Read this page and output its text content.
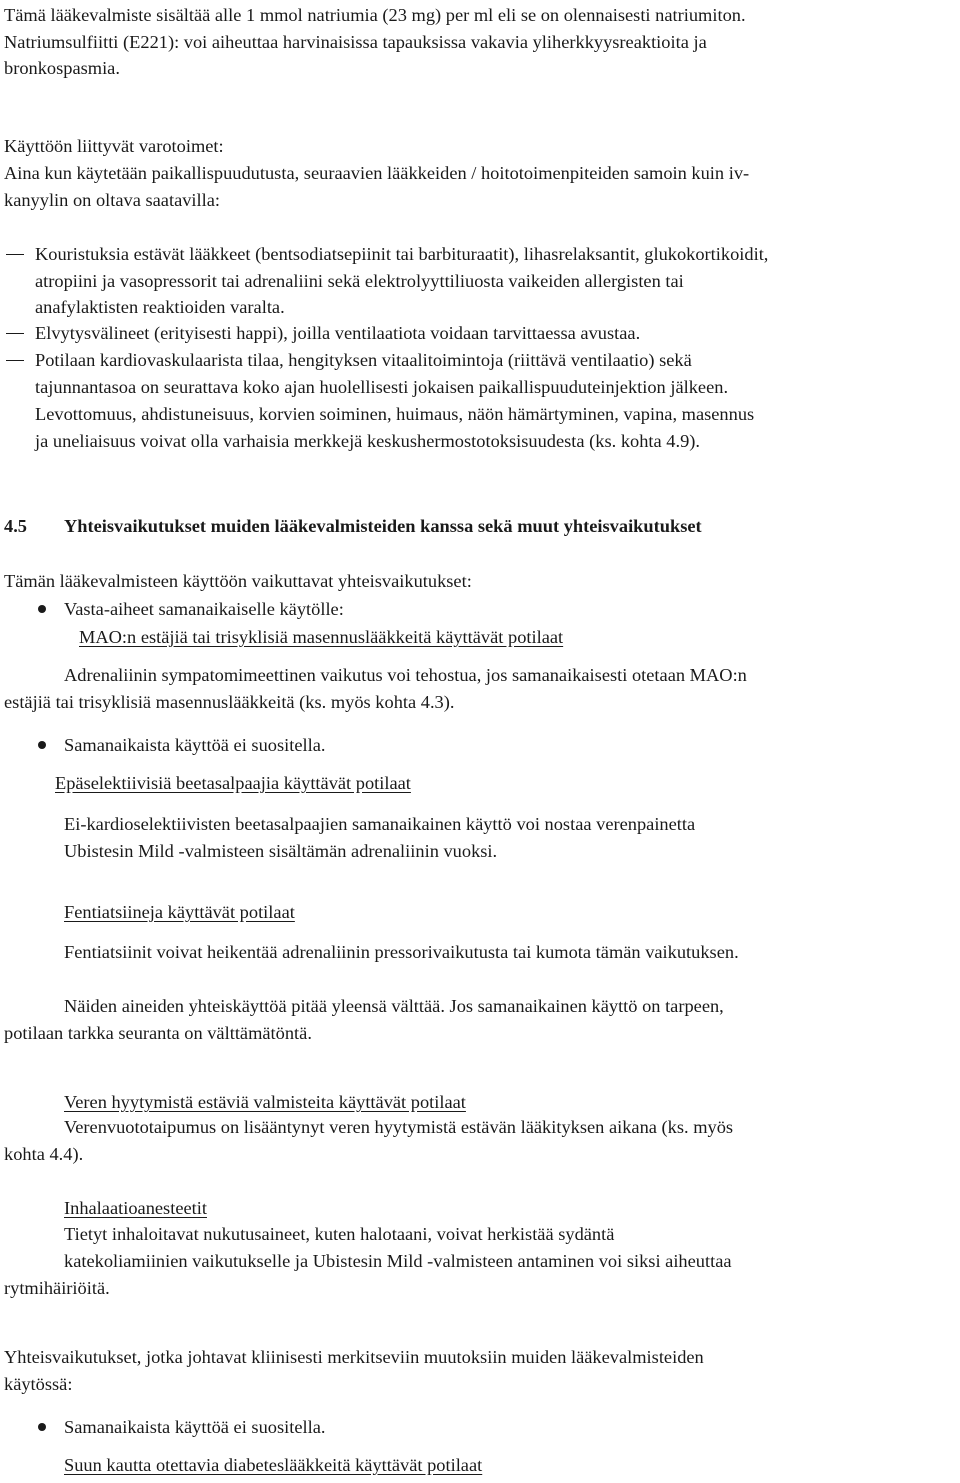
Tämä lääkevalmiste sisältää alle 1 mmol natriumia (23 mg) per ml eli se on olennaisesti natriumiton.

Natriumsulfiitti (E221): voi aiheuttaa harvinaisissa tapauksissa vakavia yliherkkyysreaktioita ja

bronkospasmia.

Käyttöön liittyvät varotoimet:

Aina kun käytetään paikallispuudutusta, seuraavien lääkkeiden / hoitotoimenpiteiden samoin kuin iv-

kanyylin on oltava saatavilla:

Kouristuksia estävät lääkkeet (bentsodiatsepiinit tai barbituraatit), lihasrelaksantit, glukokortikoidit,

atropiini ja vasopressorit tai adrenaliini sekä elektrolyyttiliuosta vaikeiden allergisten tai

anafylaktisten reaktioiden varalta.

Elvytysvälineet (erityisesti happi), joilla ventilaatiota voidaan tarvittaessa avustaa.

Potilaan kardiovaskulaarista tilaa, hengityksen vitaalitoimintoja (riittävä ventilaatio) sekä

tajunnantasoa on seurattava koko ajan huolellisesti jokaisen paikallispuuduteinjektion jälkeen.

Levottomuus, ahdistuneisuus, korvien soiminen, huimaus, näön hämärtyminen, vapina, masennus

ja uneliaisuus voivat olla varhaisia merkkejä keskushermostotoksisuudesta (ks. kohta 4.9).

4.5 Yhteisvaikutukset muiden lääkevalmisteiden kanssa sekä muut yhteisvaikutukset

Tämän lääkevalmisteen käyttöön vaikuttavat yhteisvaikutukset:

Vasta-aiheet samanaikaiselle käytölle:

MAO:n estäjiä tai trisyklisiä masennuslääkkeitä käyttävät potilaat

Adrenaliinin sympatomimeettinen vaikutus voi tehostua, jos samanaikaisesti otetaan MAO:n

estäjiä tai trisyklisiä masennuslääkkeitä (ks. myös kohta 4.3).

Samanaikaista käyttöä ei suositella.

Epäselektiivisiä beetasalpaajia käyttävät potilaat

Ei-kardioselektiivisten beetasalpaajien samanaikainen käyttö voi nostaa verenpainetta

Ubistesin Mild -valmisteen sisältämän adrenaliinin vuoksi.

Fentiatsiineja käyttävät potilaat

Fentiatsiinit voivat heikentää adrenaliinin pressorivaikutusta tai kumota tämän vaikutuksen.

Näiden aineiden yhteiskäyttöä pitää yleensä välttää. Jos samanaikainen käyttö on tarpeen,

potilaan tarkka seuranta on välttämätöntä.

Veren hyytymistä estäviä valmisteita käyttävät potilaat

Verenvuototaipumus on lisääntynyt veren hyytymistä estävän lääkityksen aikana (ks. myös

kohta 4.4).

Inhalaatioanesteetit

Tietyt inhaloitavat nukutusaineet, kuten halotaani, voivat herkistää sydäntä

katekoliamiinien vaikutukselle ja Ubistesin Mild -valmisteen antaminen voi siksi aiheuttaa

rytmihäiriöitä.

Yhteisvaikutukset, jotka johtavat kliinisesti merkitseviin muutoksiin muiden lääkevalmisteiden

käytössä:

Samanaikaista käyttöä ei suositella.

Suun kautta otettavia diabeteslääkkeitä käyttävät potilaat
